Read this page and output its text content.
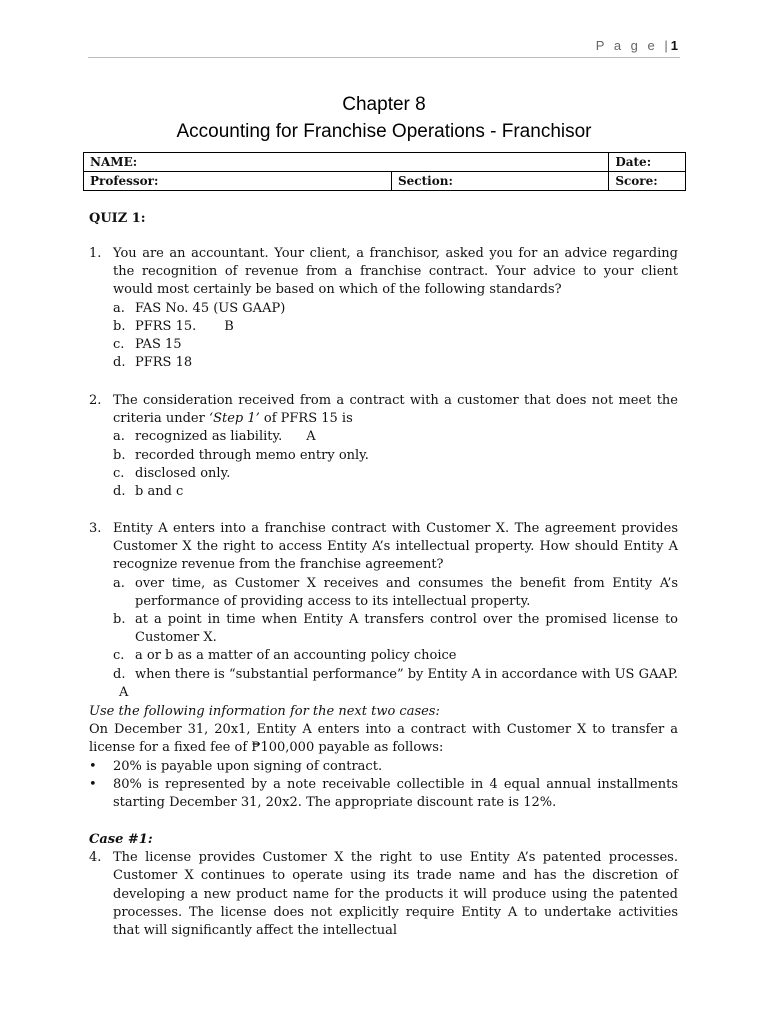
P a g e |1
Chapter 8
Accounting for Franchise Operations - Franchisor
NAME:		Date:
Professor:	Section:	Score:
QUIZ 1:
1. You are an accountant. Your client, a franchisor, asked you for an advice regarding the recognition of revenue from a franchise contract. Your advice to your client would most certainly be based on which of the following standards?
a. FAS No. 45 (US GAAP)
b. PFRS 15. B
c. PAS 15
d. PFRS 18
2. The consideration received from a contract with a customer that does not meet the criteria under ‘Step 1’ of PFRS 15 is
a. recognized as liability. A
b. recorded through memo entry only.
c. disclosed only.
d. b and c
3. Entity A enters into a franchise contract with Customer X. The agreement provides Customer X the right to access Entity A’s intellectual property. How should Entity A recognize revenue from the franchise agreement?
a. over time, as Customer X receives and consumes the benefit from Entity A’s performance of providing access to its intellectual property.
b. at a point in time when Entity A transfers control over the promised license to Customer X.
c. a or b as a matter of an accounting policy choice
d. when there is “substantial performance” by Entity A in accordance with US GAAP.
A
Use the following information for the next two cases:
On December 31, 20x1, Entity A enters into a contract with Customer X to transfer a license for a fixed fee of ₱100,000 payable as follows:
• 20% is payable upon signing of contract.
• 80% is represented by a note receivable collectible in 4 equal annual installments starting December 31, 20x2. The appropriate discount rate is 12%.
Case #1:
4. The license provides Customer X the right to use Entity A’s patented processes. Customer X continues to operate using its trade name and has the discretion of developing a new product name for the products it will produce using the patented processes. The license does not explicitly require Entity A to undertake activities that will significantly affect the intellectual
